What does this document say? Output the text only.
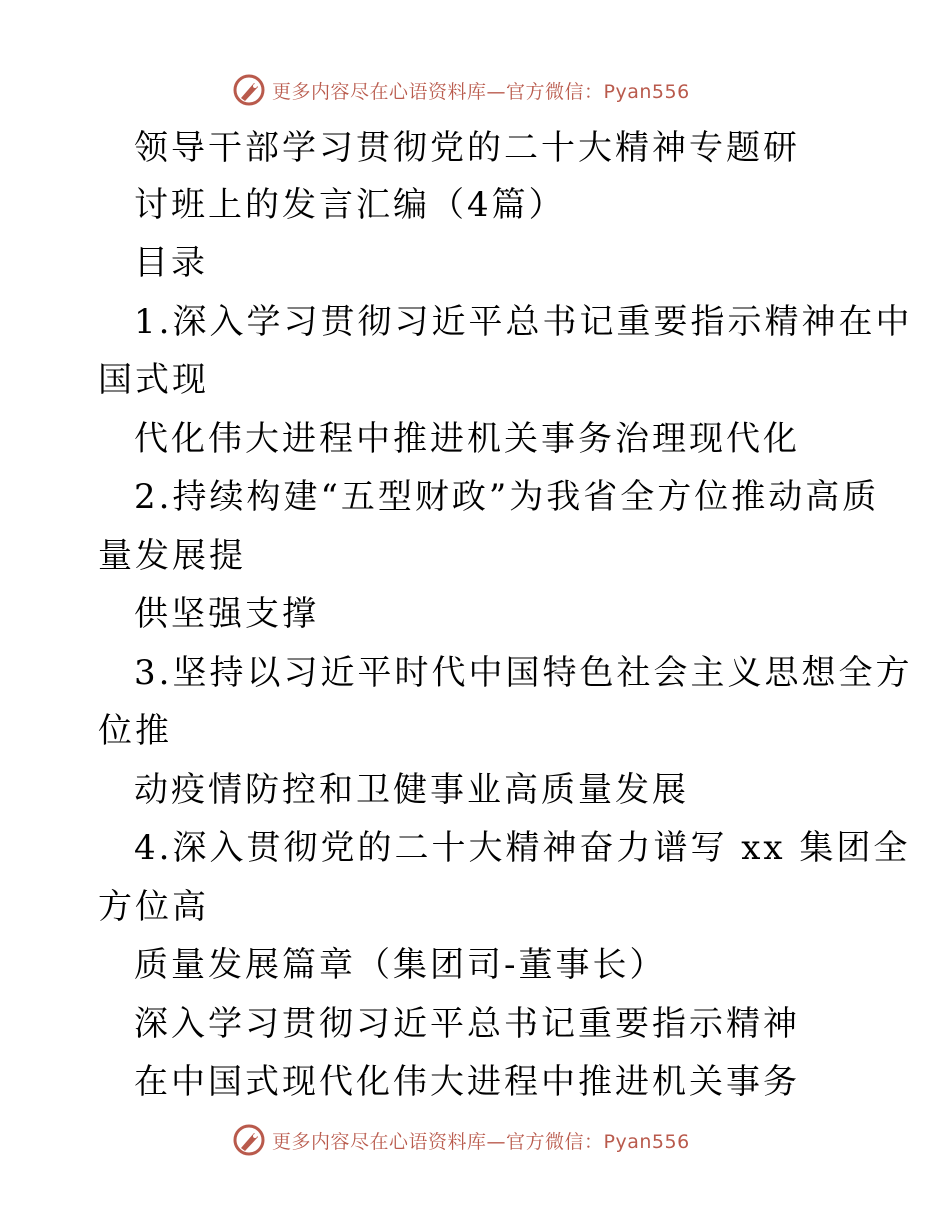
更多内容尽在心语资料库—官方微信：Pyan556
领导干部学习贯彻党的二十大精神专题研
讨班上的发言汇编（4篇）
目录
1.深入学习贯彻习近平总书记重要指示精神在中
国式现
代化伟大进程中推进机关事务治理现代化
2.持续构建“五型财政”为我省全方位推动高质
量发展提
供坚强支撑
3.坚持以习近平时代中国特色社会主义思想全方
位推
动疫情防控和卫健事业高质量发展
4.深入贯彻党的二十大精神奋力谱写 xx 集团全
方位高
质量发展篇章（集团司-董事长）
深入学习贯彻习近平总书记重要指示精神
在中国式现代化伟大进程中推进机关事务
更多内容尽在心语资料库—官方微信：Pyan556
